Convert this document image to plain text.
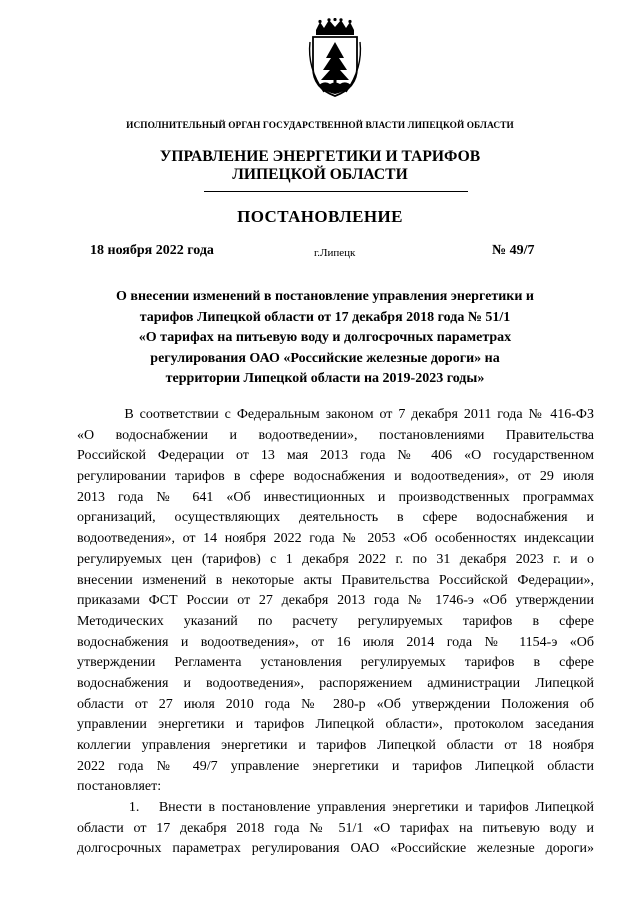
ИСПОЛНИТЕЛЬНЫЙ ОРГАН ГОСУДАРСТВЕННОЙ ВЛАСТИ ЛИПЕЦКОЙ ОБЛАСТИ
УПРАВЛЕНИЕ ЭНЕРГЕТИКИ И ТАРИФОВ
ЛИПЕЦКОЙ ОБЛАСТИ
ПОСТАНОВЛЕНИЕ
18 ноября 2022 года	г.Липецк	№ 49/7
О внесении изменений в постановление управления энергетики и
тарифов Липецкой области от 17 декабря 2018 года № 51/1
«О тарифах на питьевую воду и долгосрочных параметрах
регулирования ОАО «Российские железные дороги» на
территории Липецкой области на 2019-2023 годы»
В соответствии с Федеральным законом от 7 декабря 2011 года № 416-ФЗ
«О водоснабжении и водоотведении», постановлениями Правительства
Российской Федерации от 13 мая 2013 года № 406 «О государственном
регулировании тарифов в сфере водоснабжения и водоотведения», от 29 июля
2013 года № 641 «Об инвестиционных и производственных программах
организаций, осуществляющих деятельность в сфере водоснабжения и
водоотведения», от 14 ноября 2022 года № 2053 «Об особенностях индексации
регулируемых цен (тарифов) с 1 декабря 2022 г. по 31 декабря 2023 г. и о
внесении изменений в некоторые акты Правительства Российской Федерации»,
приказами ФСТ России от 27 декабря 2013 года № 1746-э «Об утверждении
Методических указаний по расчету регулируемых тарифов в сфере
водоснабжения и водоотведения», от 16 июля 2014 года № 1154-э «Об
утверждении Регламента установления регулируемых тарифов в сфере
водоснабжения и водоотведения», распоряжением администрации Липецкой
области от 27 июля 2010 года № 280-р «Об утверждении Положения об
управлении энергетики и тарифов Липецкой области», протоколом заседания
коллегии управления энергетики и тарифов Липецкой области от 18 ноября
2022 года № 49/7 управление энергетики и тарифов Липецкой области
постановляет:
1.   Внести в постановление управления энергетики и тарифов Липецкой
области от 17 декабря 2018 года № 51/1 «О тарифах на питьевую воду и
долгосрочных параметрах регулирования ОАО «Российские железные дороги»
